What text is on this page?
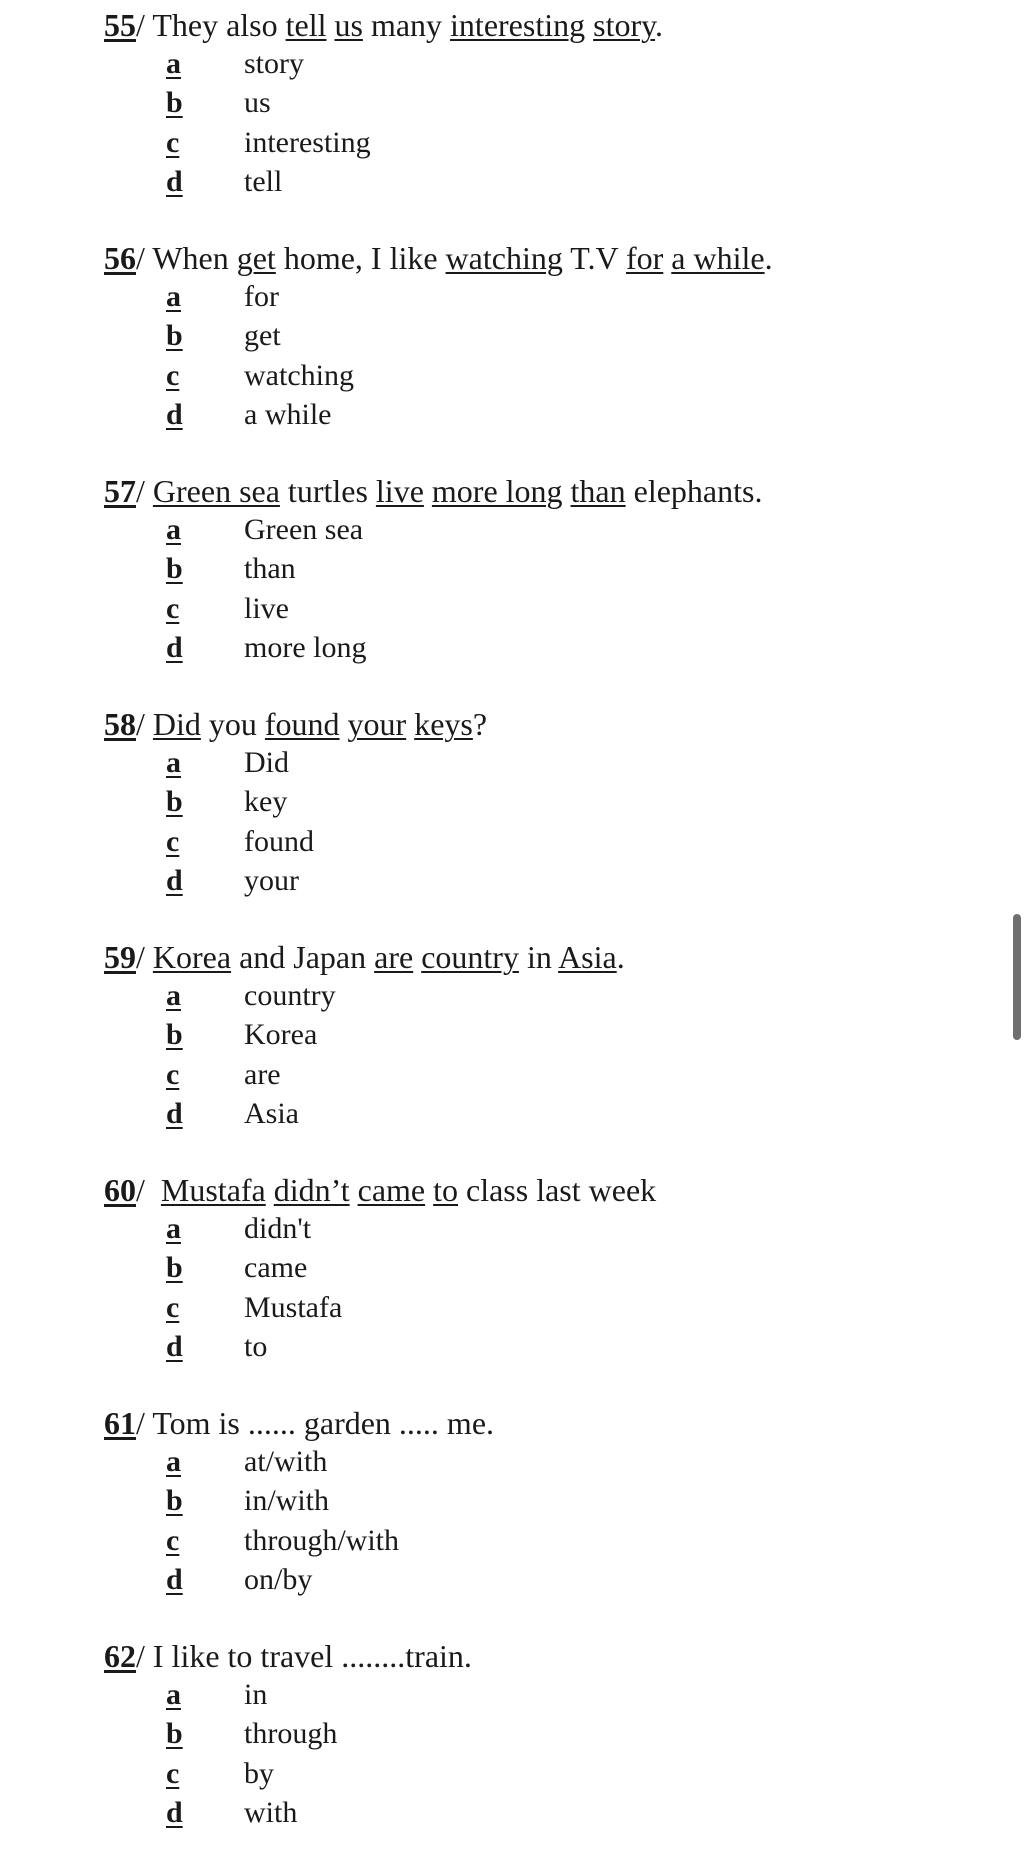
55/ They also tell us many interesting story.
a story
b us
c interesting
d tell
56/ When get home, I like watching T.V for a while.
a for
b get
c watching
d a while
57/ Green sea turtles live more long than elephants.
a Green sea
b than
c live
d more long
58/ Did you found your keys?
a Did
b key
c found
d your
59/ Korea and Japan are country in Asia.
a country
b Korea
c are
d Asia
60/ Mustafa didn’t came to class last week
a didn't
b came
c Mustafa
d to
61/ Tom is ...... garden ..... me.
a at/with
b in/with
c through/with
d on/by
62/ I like to travel ........train.
a in
b through
c by
d with
